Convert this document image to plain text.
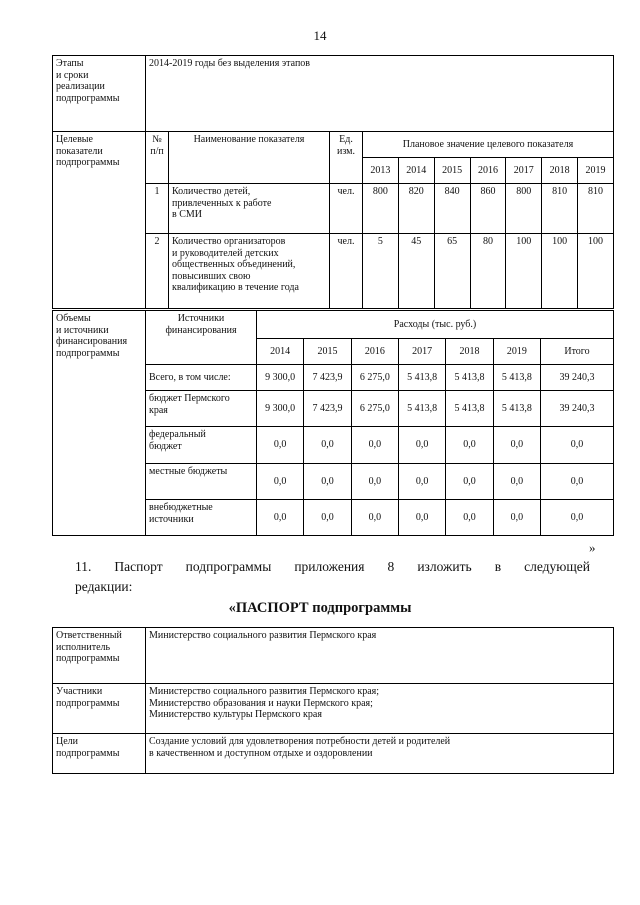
14
Этапы
и сроки
реализации
подпрограммы	2014-2019 годы без выделения этапов
Целевые
показатели
подпрограммы	№
п/п	Наименование показателя	Ед.
изм.	Плановое значение целевого показателя						
				2013	2014	2015	2016	2017	2018	2019
	1	Количество детей,
привлеченных к работе
в СМИ	чел.	800	820	840	860	800	810	810
	2	Количество организаторов
и руководителей детских
общественных объединений,
повысивших свою
квалификацию в течение года	чел.	5	45	65	80	100	100	100
Объемы
и источники
финансирования
подпрограммы	Источники
финансирования	Расходы (тыс. руб.)						
		2014	2015	2016	2017	2018	2019	Итого
	Всего, в том числе:	9 300,0	7 423,9	6 275,0	5 413,8	5 413,8	5 413,8	39 240,3
	бюджет Пермского
края	9 300,0	7 423,9	6 275,0	5 413,8	5 413,8	5 413,8	39 240,3
	федеральный
бюджет	0,0	0,0	0,0	0,0	0,0	0,0	0,0
	местные бюджеты	0,0	0,0	0,0	0,0	0,0	0,0	0,0
	внебюджетные
источники	0,0	0,0	0,0	0,0	0,0	0,0	0,0
»
11. Паспорт подпрограммы приложения 8 изложить в следующей
редакции:
«ПАСПОРТ подпрограммы
Ответственный
исполнитель
подпрограммы	Министерство социального развития Пермского края
Участники
подпрограммы	Министерство социального развития Пермского края;
Министерство образования и науки Пермского края;
Министерство культуры Пермского края
Цели
подпрограммы	Создание условий для удовлетворения потребности детей и родителей
в качественном и доступном отдыхе и оздоровлении
